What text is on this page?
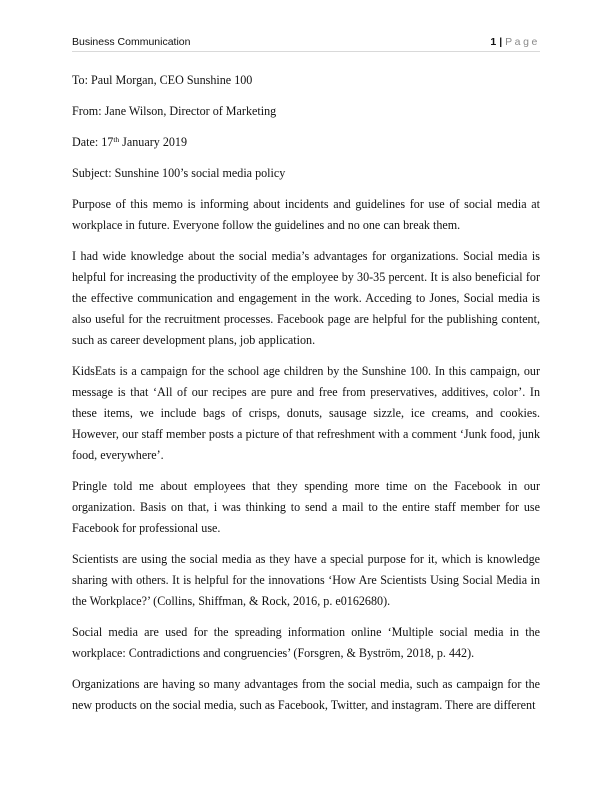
Business Communication	1 | Page

To: Paul Morgan, CEO Sunshine 100

From: Jane Wilson, Director of Marketing

Date: 17th January 2019

Subject: Sunshine 100’s social media policy

Purpose of this memo is informing about incidents and guidelines for use of social media at workplace in future. Everyone follow the guidelines and no one can break them.

I had wide knowledge about the social media’s advantages for organizations. Social media is helpful for increasing the productivity of the employee by 30-35 percent. It is also beneficial for the effective communication and engagement in the work. Acceding to Jones, Social media is also useful for the recruitment processes. Facebook page are helpful for the publishing content, such as career development plans, job application.

KidsEats is a campaign for the school age children by the Sunshine 100. In this campaign, our message is that ‘All of our recipes are pure and free from preservatives, additives, color’. In these items, we include bags of crisps, donuts, sausage sizzle, ice creams, and cookies. However, our staff member posts a picture of that refreshment with a comment ‘Junk food, junk food, everywhere’.

Pringle told me about employees that they spending more time on the Facebook in our organization. Basis on that, i was thinking to send a mail to the entire staff member for use Facebook for professional use.

Scientists are using the social media as they have a special purpose for it, which is knowledge sharing with others. It is helpful for the innovations ‘How Are Scientists Using Social Media in the Workplace?’ (Collins, Shiffman, & Rock, 2016, p. e0162680).

Social media are used for the spreading information online ‘Multiple social media in the workplace: Contradictions and congruencies’ (Forsgren, & Byström, 2018, p. 442).

Organizations are having so many advantages from the social media, such as campaign for the new products on the social media, such as Facebook, Twitter, and instagram. There are different
